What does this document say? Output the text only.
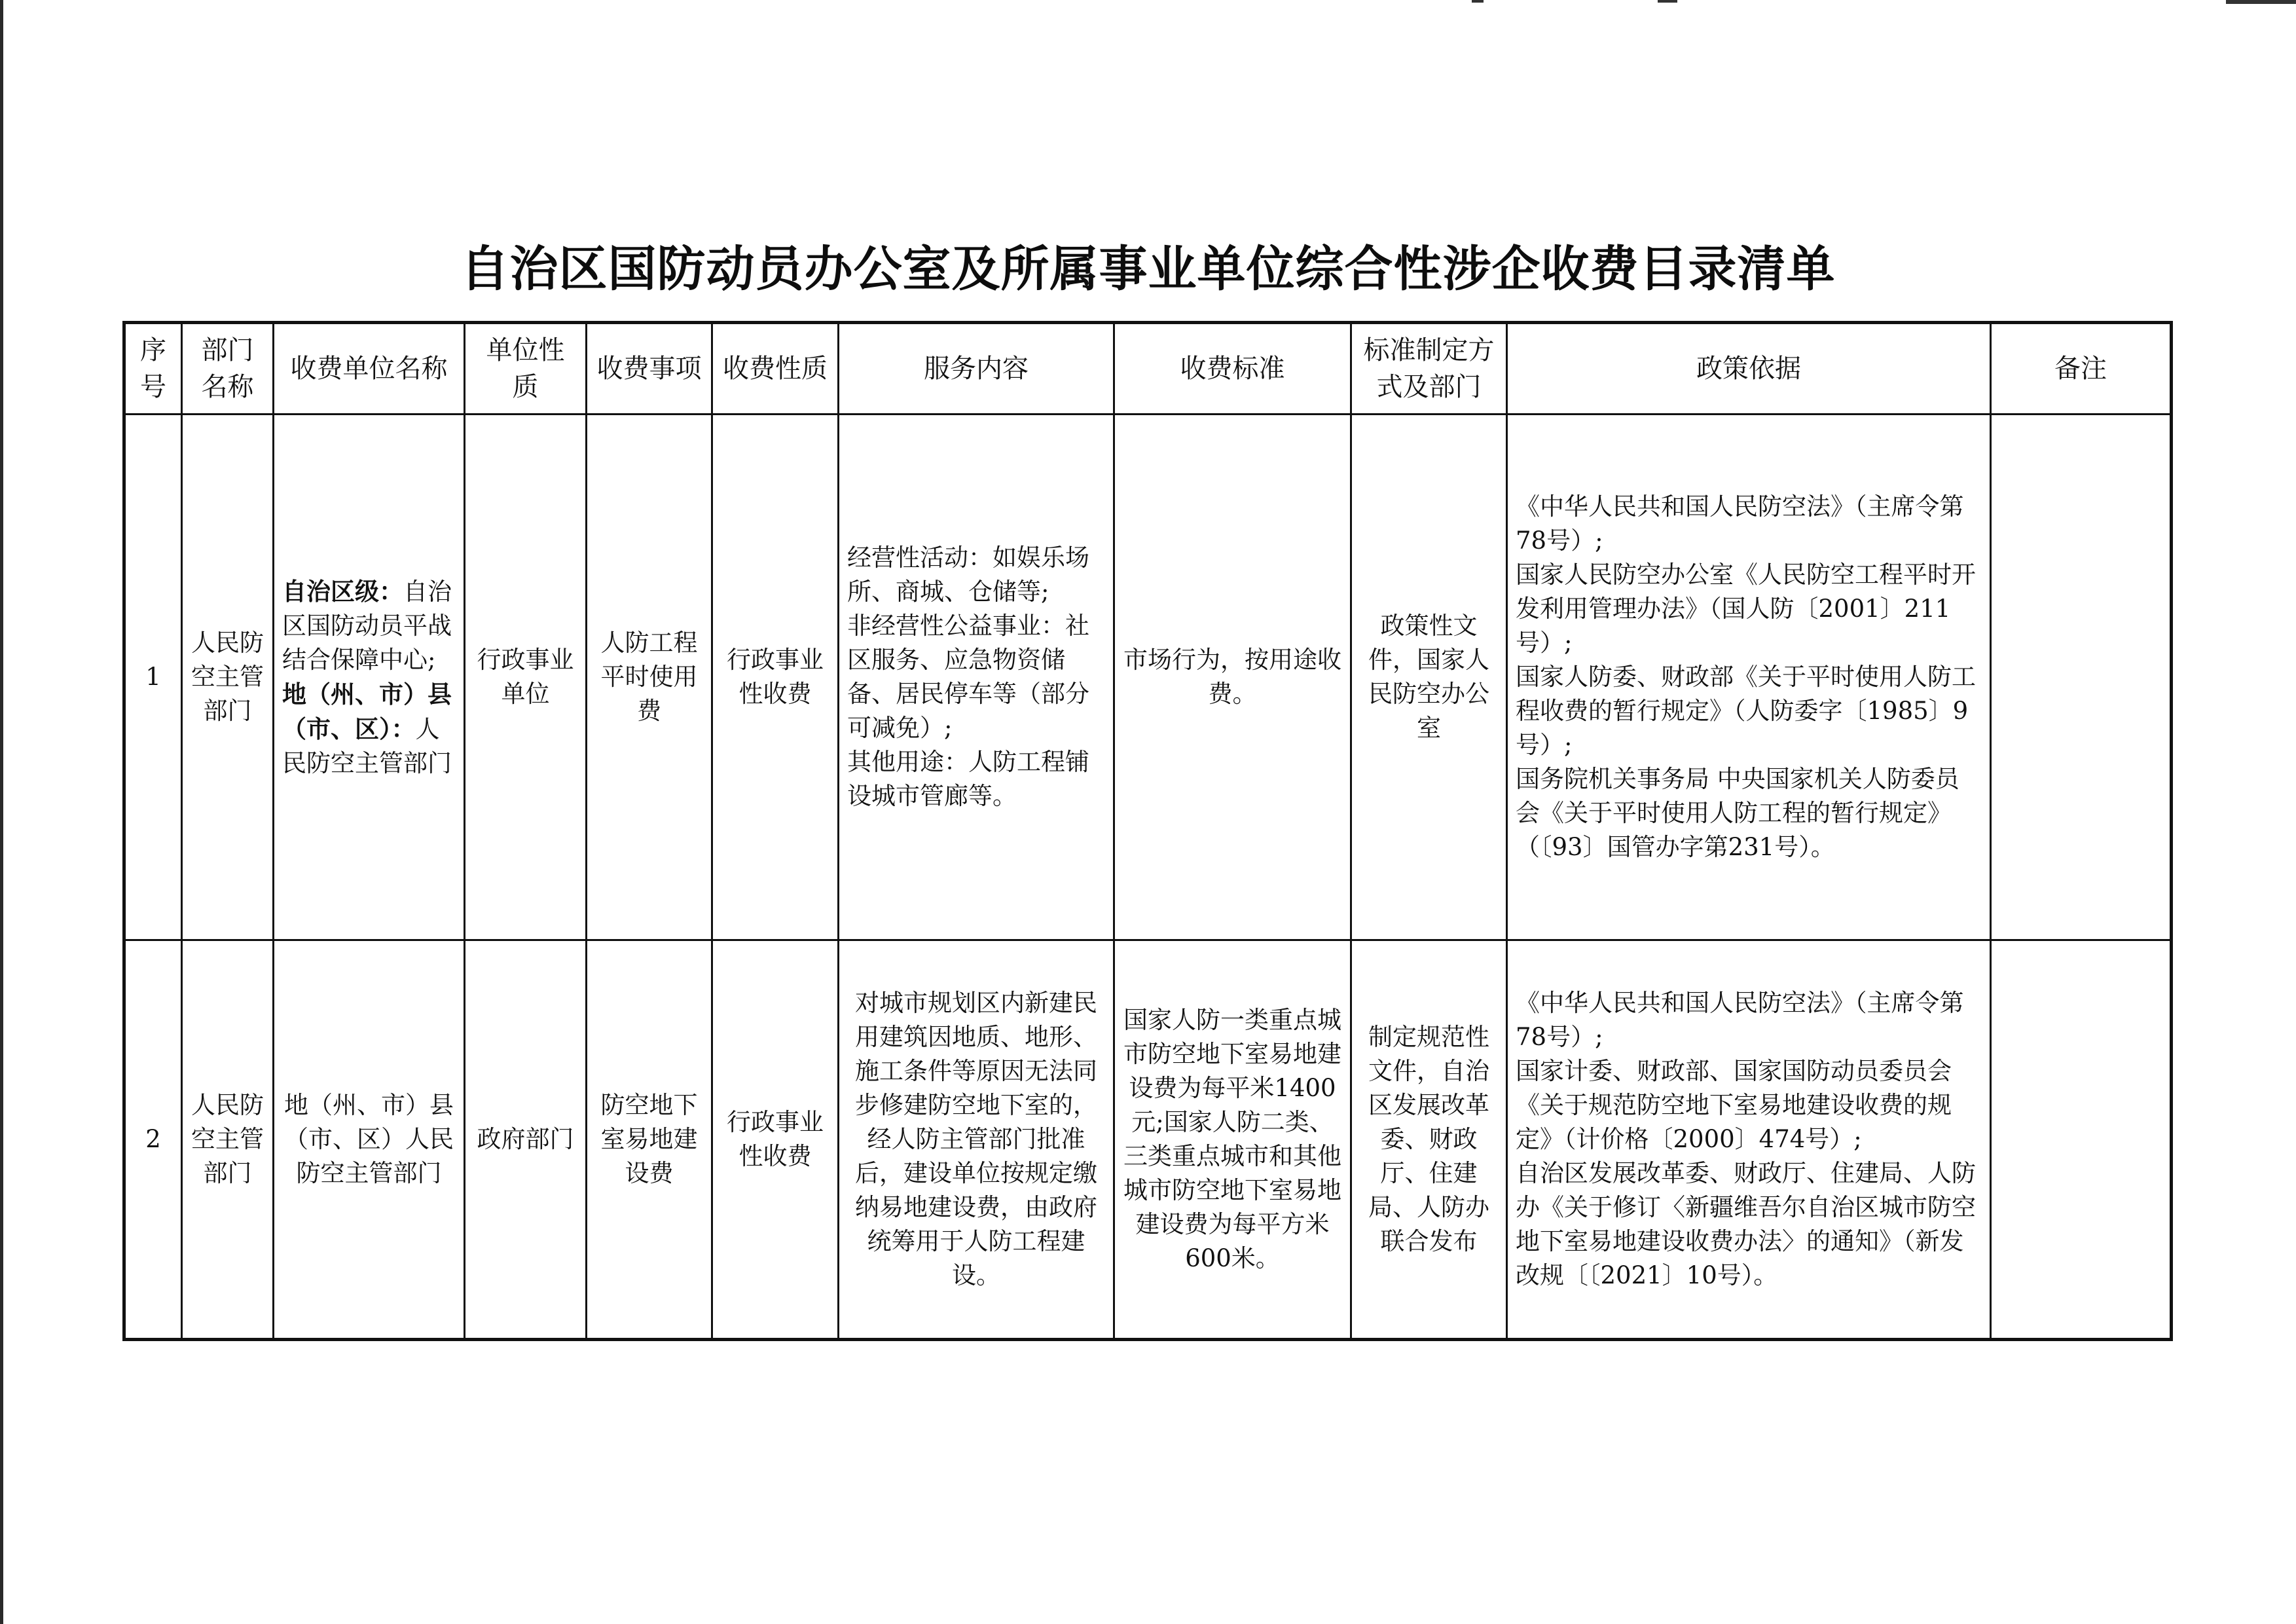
自治区国防动员办公室及所属事业单位综合性涉企收费目录清单
序号	部门名称	收费单位名称	单位性质	收费事项	收费性质	服务内容	收费标准	标准制定方式及部门	政策依据	备注
1	人民防空主管部门	自治区级：自治区国防动员平战结合保障中心;
地（州、市）县（市、区）：人民防空主管部门	行政事业单位	人防工程平时使用费	行政事业性收费	经营性活动：如娱乐场所、商城、仓储等;
非经营性公益事业：社区服务、应急物资储备、居民停车等（部分可减免）;
其他用途：人防工程铺设城市管廊等。	市场行为，按用途收费。	政策性文件，国家人民防空办公室	《中华人民共和国人民防空法》（主席令第78号）;
国家人民防空办公室《人民防空工程平时开发利用管理办法》（国人防〔2001〕211号）;
国家人防委、财政部《关于平时使用人防工程收费的暂行规定》（人防委字〔1985〕9号）;
国务院机关事务局 中央国家机关人防委员会《关于平时使用人防工程的暂行规定》（〔93〕国管办字第231号）。	

2	人民防空主管部门	地（州、市）县（市、区）人民防空主管部门	政府部门	防空地下室易地建设费	行政事业性收费	对城市规划区内新建民用建筑因地质、地形、施工条件等原因无法同步修建防空地下室的，经人防主管部门批准后，建设单位按规定缴纳易地建设费，由政府统筹用于人防工程建设。	国家人防一类重点城市防空地下室易地建设费为每平米1400元;国家人防二类、三类重点城市和其他城市防空地下室易地建设费为每平方米600米。	制定规范性文件，自治区发展改革委、财政厅、住建局、人防办联合发布	《中华人民共和国人民防空法》（主席令第78号）;
国家计委、财政部、国家国防动员委员会《关于规范防空地下室易地建设收费的规定》（计价格〔2000〕474号）;
自治区发展改革委、财政厅、住建局、人防办《关于修订〈新疆维吾尔自治区城市防空地下室易地建设收费办法〉的通知》（新发改规〔〔2021〕10号）。	
